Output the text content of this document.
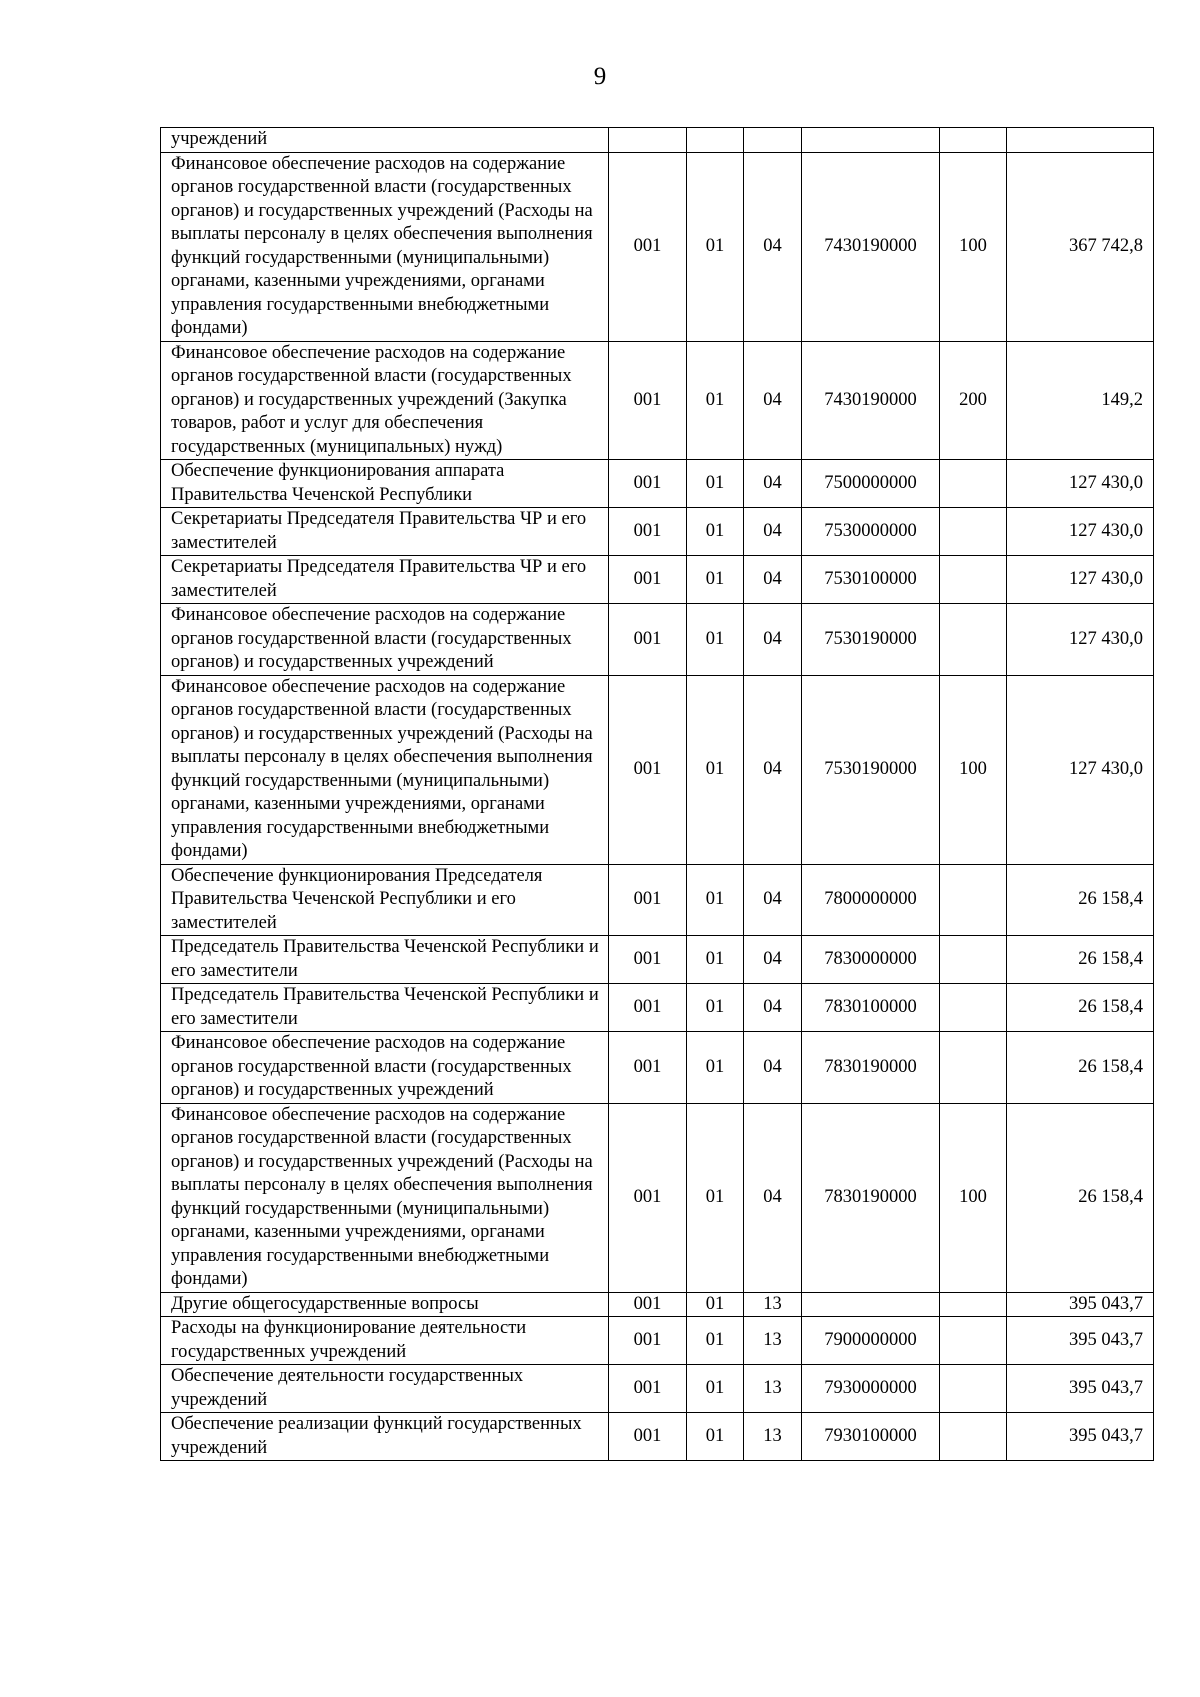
9
учреждений						
Финансовое обеспечение расходов на содержание органов государственной власти (государственных органов) и государственных учреждений (Расходы на выплаты персоналу в целях обеспечения выполнения функций государственными (муниципальными) органами, казенными учреждениями, органами управления государственными внебюджетными фондами)	001	01	04	7430190000	100	367 742,8
Финансовое обеспечение расходов на содержание органов государственной власти (государственных органов) и государственных учреждений (Закупка товаров, работ и услуг для обеспечения государственных (муниципальных) нужд)	001	01	04	7430190000	200	149,2
Обеспечение функционирования аппарата Правительства Чеченской Республики	001	01	04	7500000000		127 430,0
Секретариаты Председателя Правительства ЧР и его заместителей	001	01	04	7530000000		127 430,0
Секретариаты Председателя Правительства ЧР и его заместителей	001	01	04	7530100000		127 430,0
Финансовое обеспечение расходов на содержание органов государственной власти (государственных органов) и государственных учреждений	001	01	04	7530190000		127 430,0
Финансовое обеспечение расходов на содержание органов государственной власти (государственных органов) и государственных учреждений (Расходы на выплаты персоналу в целях обеспечения выполнения функций государственными (муниципальными) органами, казенными учреждениями, органами управления государственными внебюджетными фондами)	001	01	04	7530190000	100	127 430,0
Обеспечение функционирования Председателя Правительства Чеченской Республики и его заместителей	001	01	04	7800000000		26 158,4
Председатель Правительства Чеченской Республики и его заместители	001	01	04	7830000000		26 158,4
Председатель Правительства Чеченской Республики и его заместители	001	01	04	7830100000		26 158,4
Финансовое обеспечение расходов на содержание органов государственной власти (государственных органов) и государственных учреждений	001	01	04	7830190000		26 158,4
Финансовое обеспечение расходов на содержание органов государственной власти (государственных органов) и государственных учреждений (Расходы на выплаты персоналу в целях обеспечения выполнения функций государственными (муниципальными) органами, казенными учреждениями, органами управления государственными внебюджетными фондами)	001	01	04	7830190000	100	26 158,4
Другие общегосударственные вопросы	001	01	13			395 043,7
Расходы на функционирование деятельности государственных учреждений	001	01	13	7900000000		395 043,7
Обеспечение деятельности государственных учреждений	001	01	13	7930000000		395 043,7
Обеспечение реализации функций государственных учреждений	001	01	13	7930100000		395 043,7
